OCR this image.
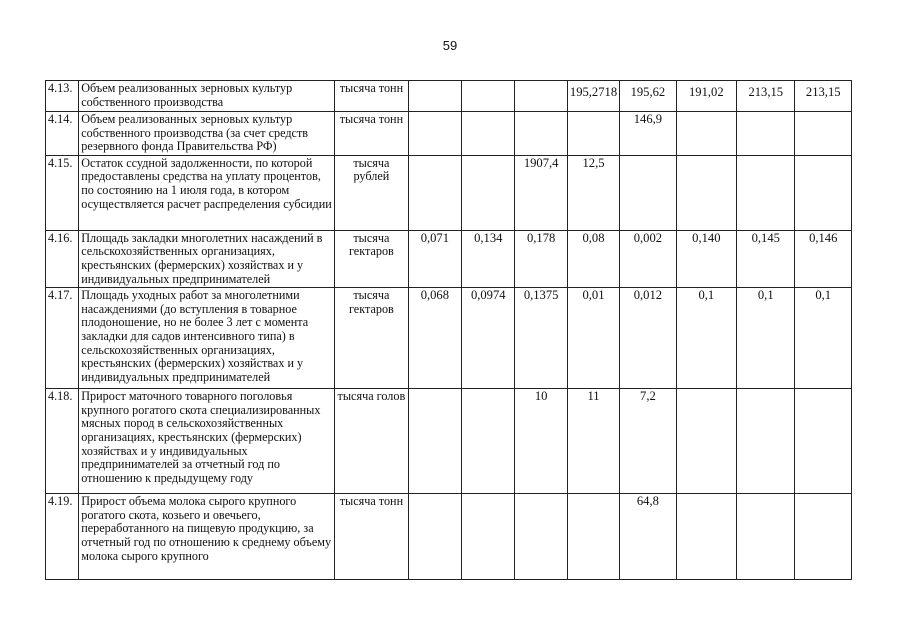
59
4.13.	Объем реализованных зерновых культур собственного производства	тысяча тонн				195,2718	195,62	191,02	213,15	213,15
4.14.	Объем реализованных зерновых культур собственного производства (за счет средств резервного фонда Правительства РФ)	тысяча тонн					146,9			
4.15.	Остаток ссудной задолженности, по которой предоставлены средства на уплату процентов, по состоянию на 1 июля года, в котором осуществляется расчет распределения субсидии	тысяча рублей			1907,4	12,5				
4.16.	Площадь закладки многолетних насаждений в сельскохозяйственных организациях, крестьянских (фермерских) хозяйствах и у индивидуальных предпринимателей	тысяча гектаров	0,071	0,134	0,178	0,08	0,002	0,140	0,145	0,146
4.17.	Площадь уходных работ за многолетними насаждениями (до вступления в товарное плодоношение, но не более 3 лет с момента закладки для садов интенсивного типа) в сельскохозяйственных организациях, крестьянских (фермерских) хозяйствах и у индивидуальных предпринимателей	тысяча гектаров	0,068	0,0974	0,1375	0,01	0,012	0,1	0,1	0,1
4.18.	Прирост маточного товарного поголовья крупного рогатого скота специализированных мясных пород в сельскохозяйственных организациях, крестьянских (фермерских) хозяйствах и у индивидуальных предпринимателей за отчетный год по отношению к предыдущему году	тысяча голов			10	11	7,2			
4.19.	Прирост объема молока сырого крупного рогатого скота, козьего и овечьего, переработанного на пищевую продукцию, за отчетный год по отношению к среднему объему молока сырого крупного	тысяча тонн					64,8			
